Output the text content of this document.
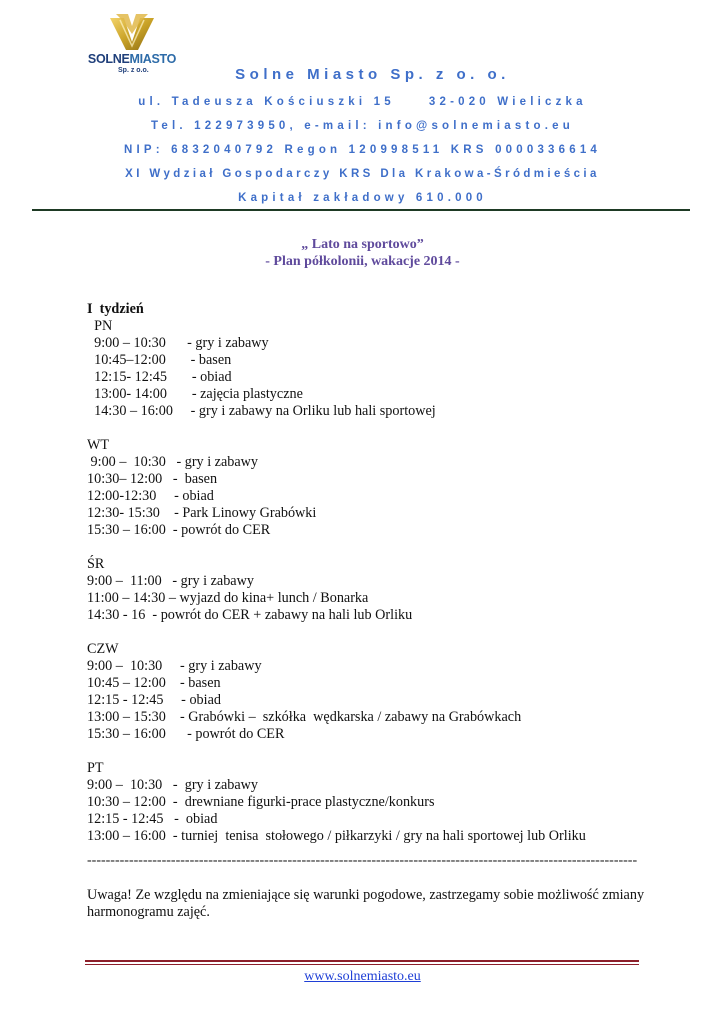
SOLNEMIASTO
Sp. z o.o.	Solne Miasto Sp. z o. o.
ul. Tadeusza Kościuszki 15	32-020 Wieliczka
Tel. 122973950, e-mail: info@solnemiasto.eu
NIP: 6832040792 Regon 120998511 KRS 0000336614
XI Wydział Gospodarczy KRS Dla Krakowa-Śródmieścia
Kapitał zakładowy 610.000
„ Lato na sportowo”
- Plan półkolonii, wakacje 2014 -
I  tydzień
PN
9:00 – 10:30      - gry i zabawy
10:45–12:00       - basen
12:15- 12:45       - obiad
13:00- 14:00       - zajęcia plastyczne
14:30 – 16:00     - gry i zabawy na Orliku lub hali sportowej
WT
9:00 –  10:30   - gry i zabawy
10:30– 12:00   -  basen
12:00-12:30     - obiad
12:30- 15:30    - Park Linowy Grabówki
15:30 – 16:00  - powrót do CER
ŚR
9:00 –  11:00   - gry i zabawy
11:00 – 14:30 – wyjazd do kina+ lunch / Bonarka
14:30 - 16  - powrót do CER + zabawy na hali lub Orliku
CZW
9:00 –  10:30     - gry i zabawy
10:45 – 12:00    - basen
12:15 - 12:45     - obiad
13:00 – 15:30    - Grabówki –  szkółka  wędkarska / zabawy na Grabówkach
15:30 – 16:00      - powrót do CER
PT
9:00 –  10:30   -  gry i zabawy
10:30 – 12:00  -  drewniane figurki-prace plastyczne/konkurs
12:15 - 12:45   -  obiad
13:00 – 16:00  - turniej  tenisa  stołowego / piłkarzyki / gry na hali sportowej lub Orliku
----------------------------------------------------------------------------------------------------------------------
Uwaga! Ze względu na zmieniające się warunki pogodowe, zastrzegamy sobie możliwość zmiany harmonogramu zajęć.
www.solnemiasto.eu
